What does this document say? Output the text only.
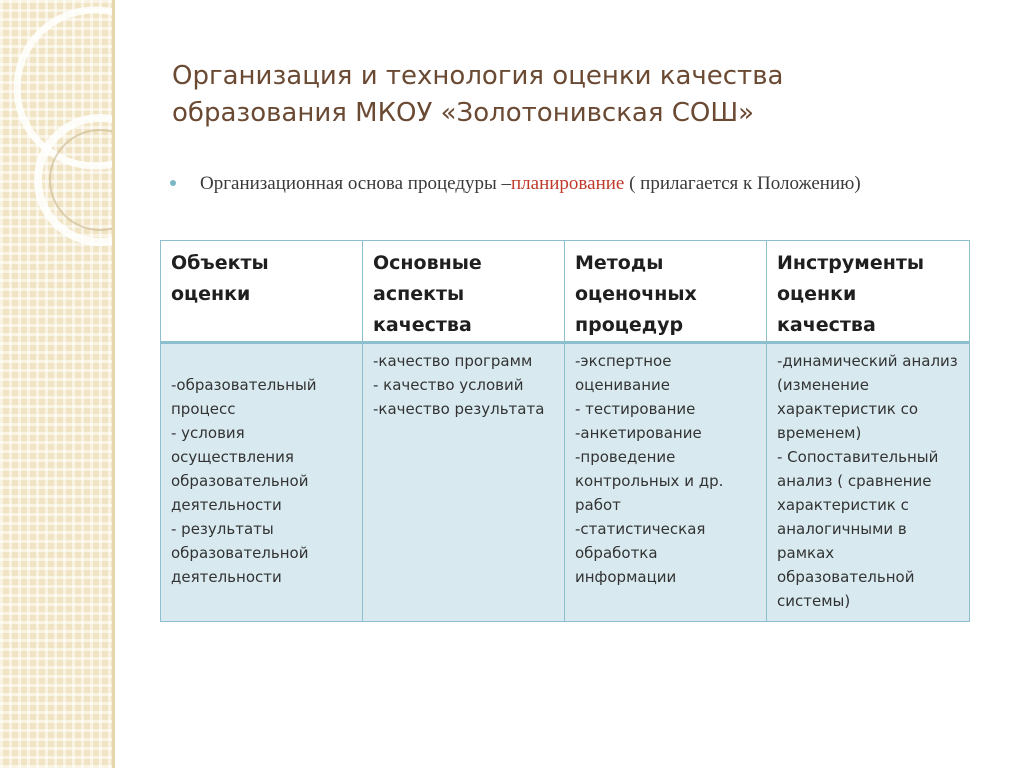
Организация и технология оценки качества образования МКОУ «Золотонивская СОШ»
Организационная основа процедуры –планирование ( прилагается к Положению)
Объекты оценки	Основные аспекты качества	Методы оценочных процедур	Инструменты оценки качества
-образовательный процесс
- условия осуществления образовательной деятельности
- результаты образовательной деятельности	-качество программ
- качество условий
-качество результата	-экспертное оценивание
- тестирование
-анкетирование
-проведение контрольных и др. работ
-статистическая обработка информации	-динамический анализ (изменение характеристик со временем)
- Сопоставительный анализ ( сравнение характеристик с аналогичными в рамках образовательной системы)
